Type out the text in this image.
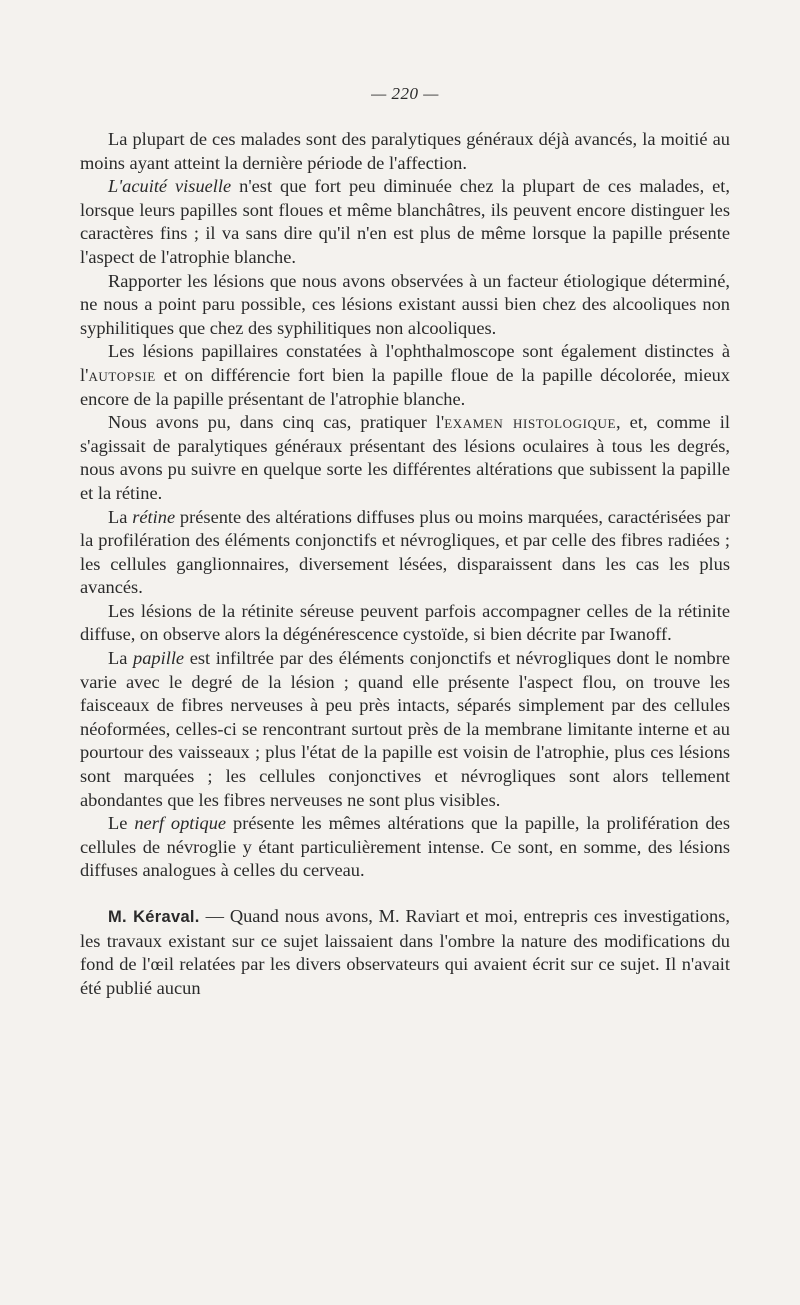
— 220 —

La plupart de ces malades sont des paralytiques généraux déjà avancés, la moitié au moins ayant atteint la dernière période de l'affection.

L'acuité visuelle n'est que fort peu diminuée chez la plupart de ces malades, et, lorsque leurs papilles sont floues et même blanchâtres, ils peuvent encore distinguer les caractères fins ; il va sans dire qu'il n'en est plus de même lorsque la papille présente l'aspect de l'atrophie blanche.

Rapporter les lésions que nous avons observées à un facteur étiologique déterminé, ne nous a point paru possible, ces lésions existant aussi bien chez des alcooliques non syphilitiques que chez des syphilitiques non alcooliques.

Les lésions papillaires constatées à l'ophthalmoscope sont également distinctes à l'autopsie et on différencie fort bien la papille floue de la papille décolorée, mieux encore de la papille présentant de l'atrophie blanche.

Nous avons pu, dans cinq cas, pratiquer l'examen histologique, et, comme il s'agissait de paralytiques généraux présentant des lésions oculaires à tous les degrés, nous avons pu suivre en quelque sorte les différentes altérations que subissent la papille et la rétine.

La rétine présente des altérations diffuses plus ou moins marquées, caractérisées par la profilération des éléments conjonctifs et névrogliques, et par celle des fibres radiées ; les cellules ganglionnaires, diversement lésées, disparaissent dans les cas les plus avancés.

Les lésions de la rétinite séreuse peuvent parfois accompagner celles de la rétinite diffuse, on observe alors la dégénérescence cystoïde, si bien décrite par Iwanoff.

La papille est infiltrée par des éléments conjonctifs et névrogliques dont le nombre varie avec le degré de la lésion ; quand elle présente l'aspect flou, on trouve les faisceaux de fibres nerveuses à peu près intacts, séparés simplement par des cellules néoformées, celles-ci se rencontrant surtout près de la membrane limitante interne et au pourtour des vaisseaux ; plus l'état de la papille est voisin de l'atrophie, plus ces lésions sont marquées ; les cellules conjonctives et névrogliques sont alors tellement abondantes que les fibres nerveuses ne sont plus visibles.

Le nerf optique présente les mêmes altérations que la papille, la prolifération des cellules de névroglie y étant particulièrement intense. Ce sont, en somme, des lésions diffuses analogues à celles du cerveau.

M. Kéraval. — Quand nous avons, M. Raviart et moi, entrepris ces investigations, les travaux existant sur ce sujet laissaient dans l'ombre la nature des modifications du fond de l'œil relatées par les divers observateurs qui avaient écrit sur ce sujet. Il n'avait été publié aucun
